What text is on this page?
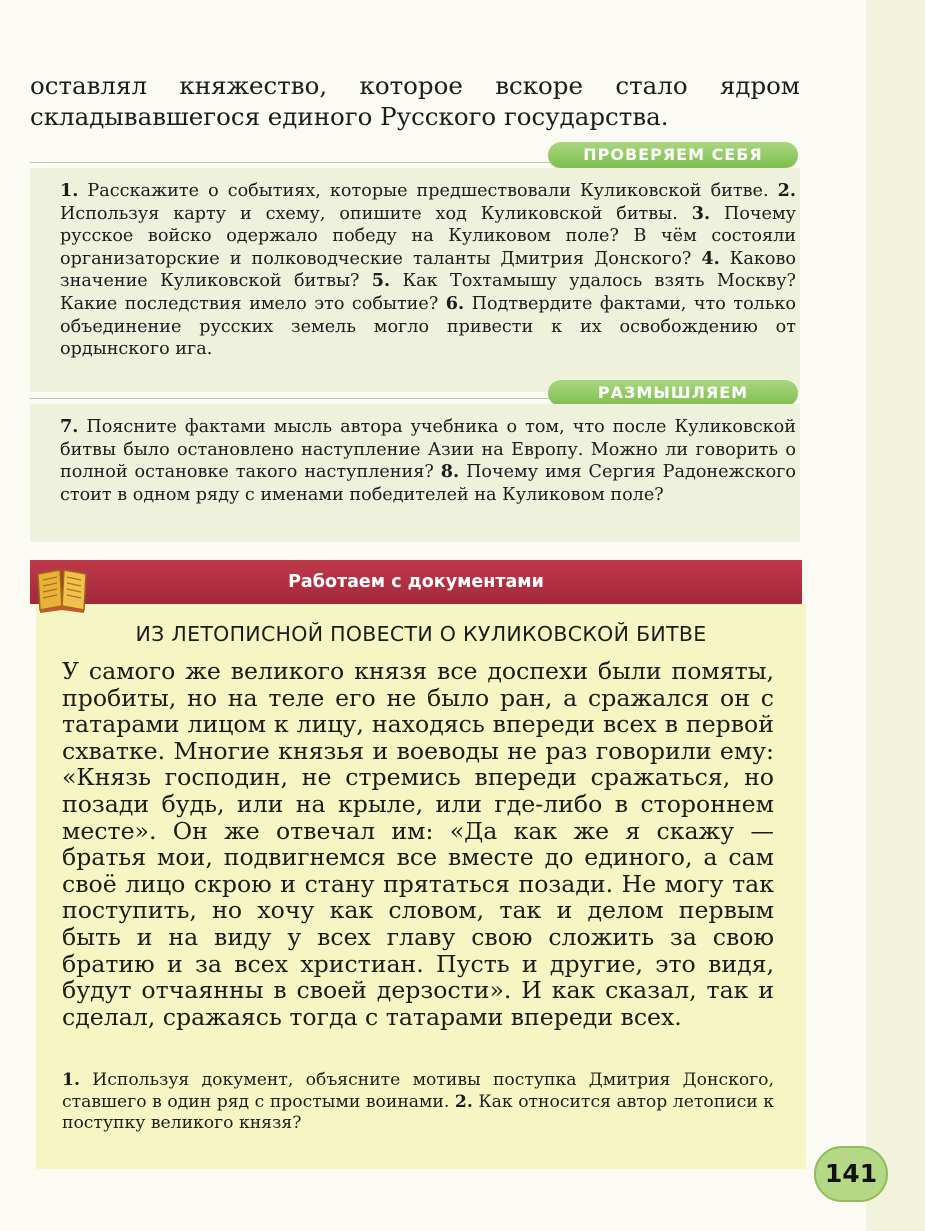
оставлял княжество, которое вскоре стало ядром складывавшегося единого Русского государства.
ПРОВЕРЯЕМ СЕБЯ
1. Расскажите о событиях, которые предшествовали Куликовской битве. 2. Используя карту и схему, опишите ход Куликовской битвы. 3. Почему русское войско одержало победу на Куликовом поле? В чём состояли организаторские и полководческие таланты Дмитрия Донского? 4. Каково значение Куликовской битвы? 5. Как Тохтамышу удалось взять Москву? Какие последствия имело это событие? 6. Подтвердите фактами, что только объединение русских земель могло привести к их освобождению от ордынского ига.
РАЗМЫШЛЯЕМ
7. Поясните фактами мысль автора учебника о том, что после Куликовской битвы было остановлено наступление Азии на Европу. Можно ли говорить о полной остановке такого наступления? 8. Почему имя Сергия Радонежского стоит в одном ряду с именами победителей на Куликовом поле?
Работаем с документами
ИЗ ЛЕТОПИСНОЙ ПОВЕСТИ О КУЛИКОВСКОЙ БИТВЕ
У самого же великого князя все доспехи были помяты, пробиты, но на теле его не было ран, а сражался он с татарами лицом к лицу, находясь впереди всех в первой схватке. Многие князья и воеводы не раз говорили ему: «Князь господин, не стремись впереди сражаться, но позади будь, или на крыле, или где-либо в стороннем месте». Он же отвечал им: «Да как же я скажу — братья мои, подвигнемся все вместе до единого, а сам своё лицо скрою и стану прятаться позади. Не могу так поступить, но хочу как словом, так и делом первым быть и на виду у всех главу свою сложить за свою братию и за всех христиан. Пусть и другие, это видя, будут отчаянны в своей дерзости». И как сказал, так и сделал, сражаясь тогда с татарами впереди всех.
1. Используя документ, объясните мотивы поступка Дмитрия Донского, ставшего в один ряд с простыми воинами. 2. Как относится автор летописи к поступку великого князя?
141
